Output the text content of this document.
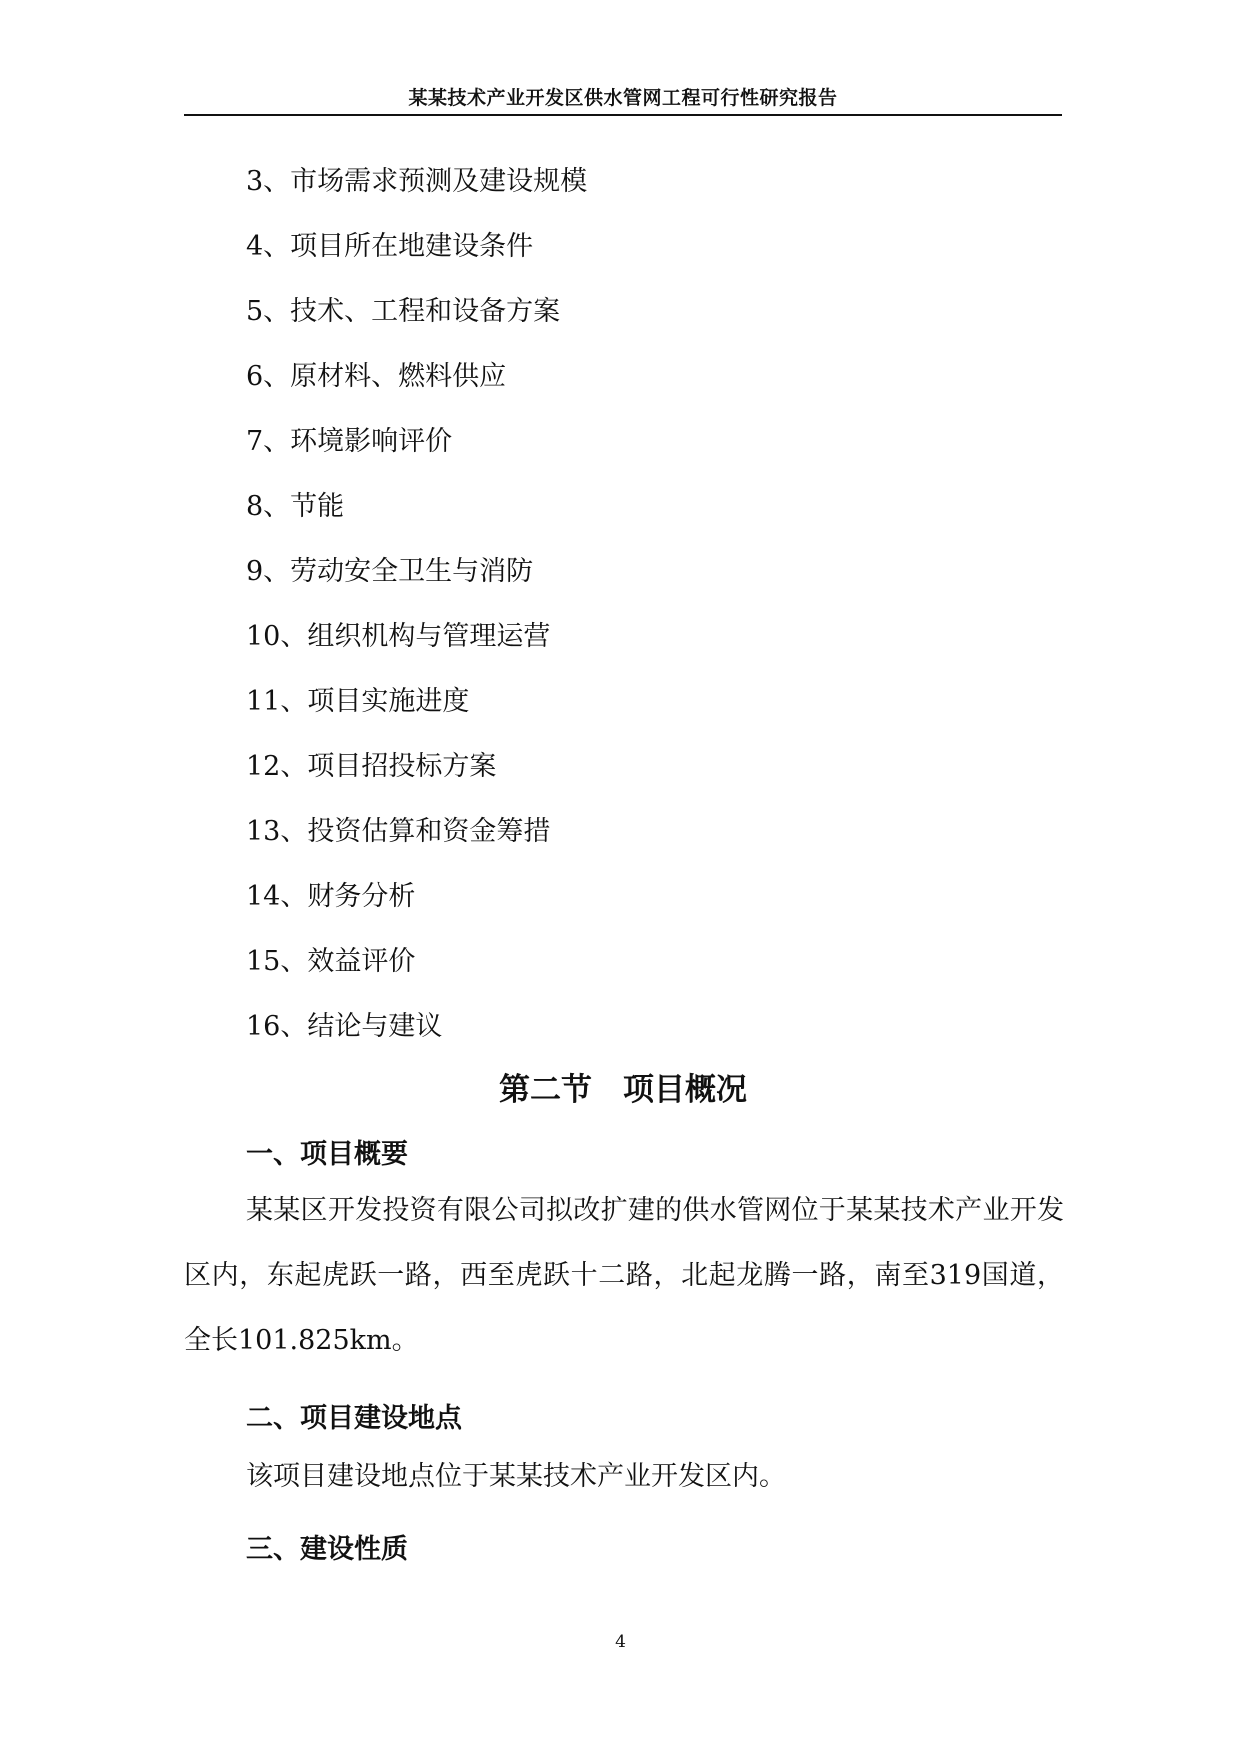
某某技术产业开发区供水管网工程可行性研究报告
3、市场需求预测及建设规模
4、项目所在地建设条件
5、技术、工程和设备方案
6、原材料、燃料供应
7、环境影响评价
8、节能
9、劳动安全卫生与消防
10、组织机构与管理运营
11、项目实施进度
12、项目招投标方案
13、投资估算和资金筹措
14、财务分析
15、效益评价
16、结论与建议
第二节　项目概况
一、项目概要

某某区开发投资有限公司拟改扩建的供水管网位于某某技术产业开发区内，东起虎跃一路，西至虎跃十二路，北起龙腾一路，南至319国道，全长101.825km。

二、项目建设地点

该项目建设地点位于某某技术产业开发区内。

三、建设性质
4
